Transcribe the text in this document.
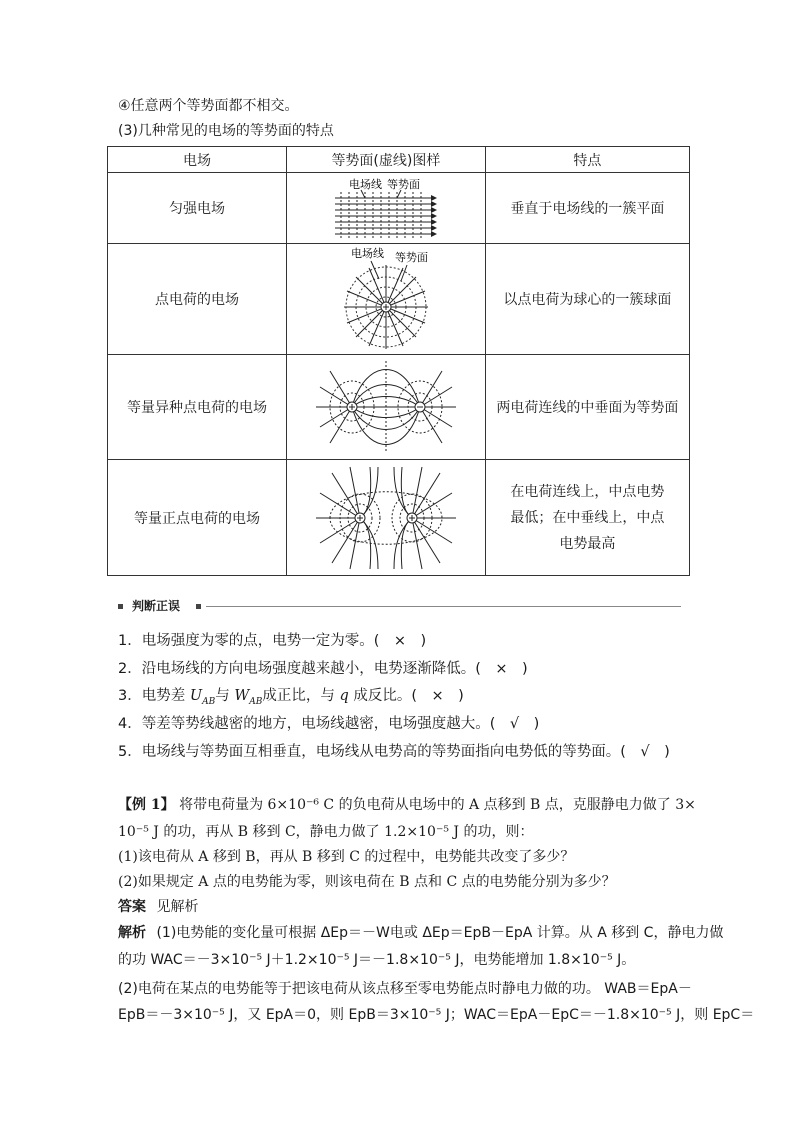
④任意两个等势面都不相交。
(3)几种常见的电场的等势面的特点
电场	等势面(虚线)图样	特点
匀强电场	电场线 等势面	垂直于电场线的一簇平面
点电荷的电场	电场线 等势面	以点电荷为球心的一簇球面
等量异种点电荷的电场		两电荷连线的中垂面为等势面
等量正点电荷的电场		在电荷连线上，中点电势最低；在中垂线上，中点电势最高
判断正误
1．电场强度为零的点，电势一定为零。(　×　)
2．沿电场线的方向电场强度越来越小，电势逐渐降低。(　×　)
3．电势差 $U_{AB}$与 $W_{AB}$成正比，与 q 成反比。(　×　)
4．等差等势线越密的地方，电场线越密，电场强度越大。(　√　)
5．电场线与等势面互相垂直，电场线从电势高的等势面指向电势低的等势面。(　√　)
【例 1】 将带电荷量为 6×10⁻⁶ C 的负电荷从电场中的 A 点移到 B 点，克服静电力做了 3×
10⁻⁵ J 的功，再从 B 移到 C，静电力做了 1.2×10⁻⁵ J 的功，则：
(1)该电荷从 A 移到 B，再从 B 移到 C 的过程中，电势能共改变了多少？
(2)如果规定 A 点的电势能为零，则该电荷在 B 点和 C 点的电势能分别为多少？
答案 见解析
解析 (1)电势能的变化量可根据 ΔEp＝－W电或 ΔEp＝EpB－EpA 计算。从 A 移到 C，静电力做
的功 WAC＝－3×10⁻⁵ J＋1.2×10⁻⁵ J＝－1.8×10⁻⁵ J，电势能增加 1.8×10⁻⁵ J。
(2)电荷在某点的电势能等于把该电荷从该点移至零电势能点时静电力做的功。 WAB＝EpA－
EpB＝－3×10⁻⁵ J，又 EpA＝0，则 EpB＝3×10⁻⁵ J；WAC＝EpA－EpC＝－1.8×10⁻⁵ J，则 EpC＝
